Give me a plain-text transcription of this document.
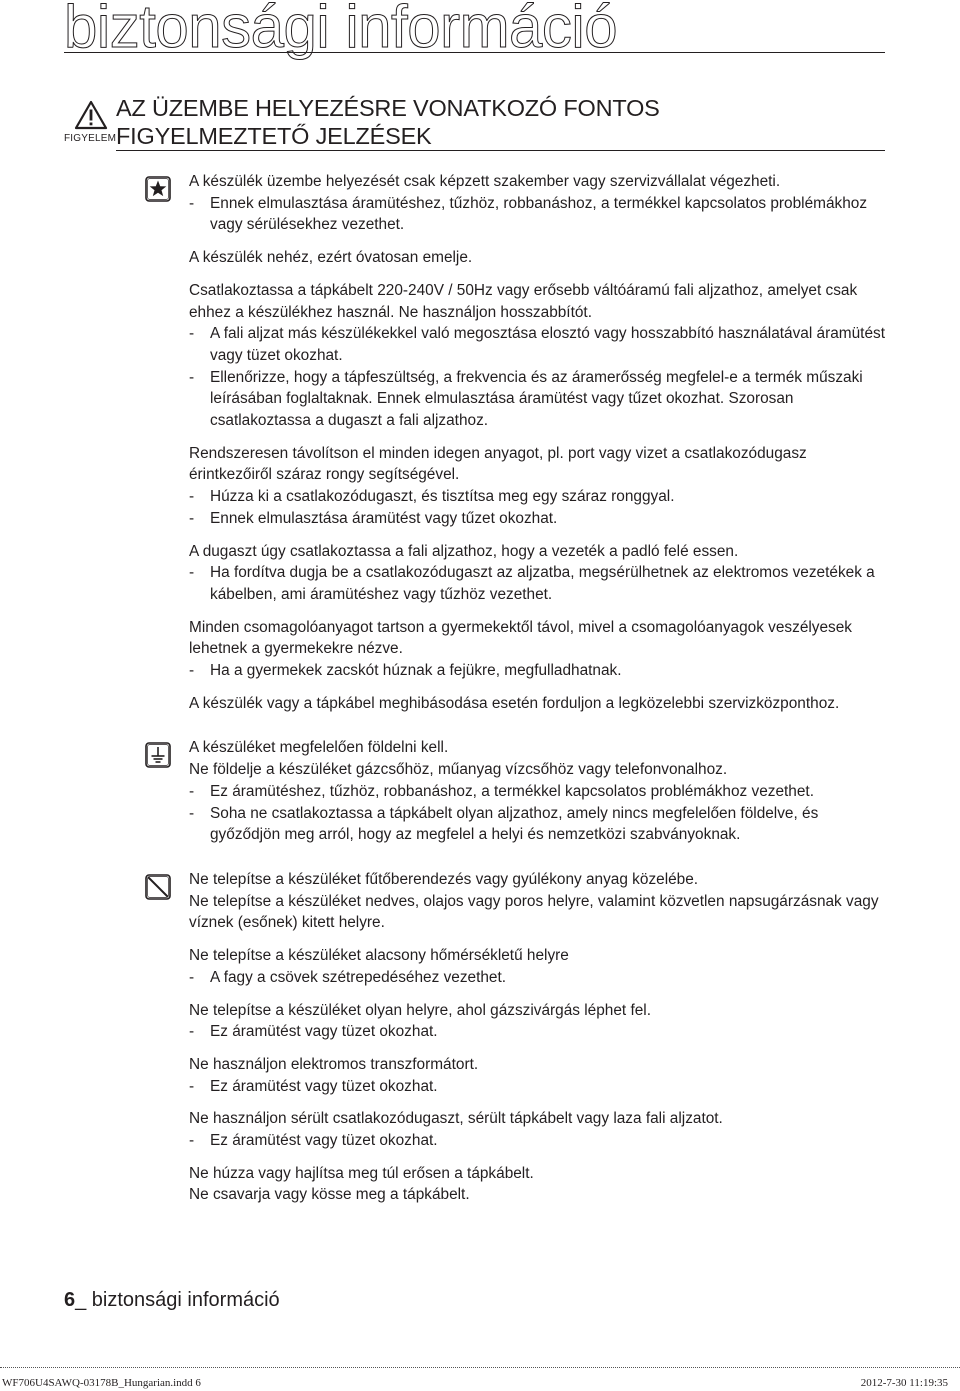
biztonsági információ
FIGYELEM
AZ ÜZEMBE HELYEZÉSRE VONATKOZÓ FONTOS
FIGYELMEZTETŐ JELZÉSEK

A készülék üzembe helyezését csak képzett szakember vagy szervizvállalat végezheti.

- Ennek elmulasztása áramütéshez, tűzhöz, robbanáshoz, a termékkel kapcsolatos problémákhoz vagy sérülésekhez vezethet.

A készülék nehéz, ezért óvatosan emelje.

Csatlakoztassa a tápkábelt 220-240V / 50Hz vagy erősebb váltóáramú fali aljzathoz, amelyet csak ehhez a készülékhez használ. Ne használjon hosszabbítót.

- A fali aljzat más készülékekkel való megosztása elosztó vagy hosszabbító használatával áramütést vagy tüzet okozhat.
- Ellenőrizze, hogy a tápfeszültség, a frekvencia és az áramerősség megfelel-e a termék műszaki leírásában foglaltaknak. Ennek elmulasztása áramütést vagy tűzet okozhat. Szorosan csatlakoztassa a dugaszt a fali aljzathoz.

Rendszeresen távolítson el minden idegen anyagot, pl. port vagy vizet a csatlakozódugasz érintkezőiről száraz rongy segítségével.

- Húzza ki a csatlakozódugaszt, és tisztítsa meg egy száraz ronggyal.
- Ennek elmulasztása áramütést vagy tűzet okozhat.

A dugaszt úgy csatlakoztassa a fali aljzathoz, hogy a vezeték a padló felé essen.

- Ha fordítva dugja be a csatlakozódugaszt az aljzatba, megsérülhetnek az elektromos vezetékek a kábelben, ami áramütéshez vagy tűzhöz vezethet.

Minden csomagolóanyagot tartson a gyermekektől távol, mivel a csomagolóanyagok veszélyesek lehetnek a gyermekekre nézve.

- Ha a gyermekek zacskót húznak a fejükre, megfulladhatnak.

A készülék vagy a tápkábel meghibásodása esetén forduljon a legközelebbi szervizközponthoz.

A készüléket megfelelően földelni kell.

Ne földelje a készüléket gázcsőhöz, műanyag vízcsőhöz vagy telefonvonalhoz.

- Ez áramütéshez, tűzhöz, robbanáshoz, a termékkel kapcsolatos problémákhoz vezethet.
- Soha ne csatlakoztassa a tápkábelt olyan aljzathoz, amely nincs megfelelően földelve, és győződjön meg arról, hogy az megfelel a helyi és nemzetközi szabványoknak.

Ne telepítse a készüléket fűtőberendezés vagy gyúlékony anyag közelébe.

Ne telepítse a készüléket nedves, olajos vagy poros helyre, valamint közvetlen napsugárzásnak vagy víznek (esőnek) kitett helyre.

Ne telepítse a készüléket alacsony hőmérsékletű helyre

- A fagy a csövek szétrepedéséhez vezethet.

Ne telepítse a készüléket olyan helyre, ahol gázszivárgás léphet fel.

- Ez áramütést vagy tüzet okozhat.

Ne használjon elektromos transzformátort.

- Ez áramütést vagy tüzet okozhat.

Ne használjon sérült csatlakozódugaszt, sérült tápkábelt vagy laza fali aljzatot.

- Ez áramütést vagy tüzet okozhat.

Ne húzza vagy hajlítsa meg túl erősen a tápkábelt.

Ne csavarja vagy kösse meg a tápkábelt.

6_ biztonsági információ
WF706U4SAWQ-03178B_Hungarian.indd 6	2012-7-30 11:19:35
